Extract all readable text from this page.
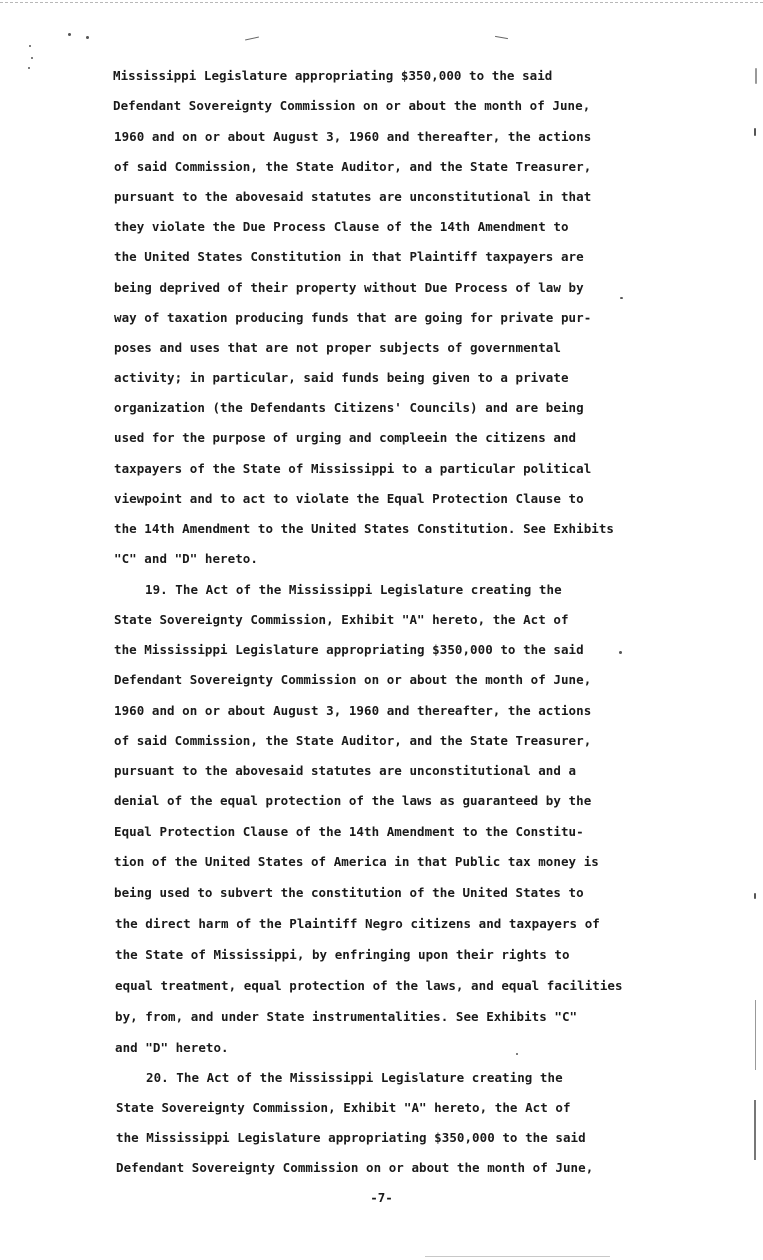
Mississippi Legislature appropriating $350,000 to the said
Defendant Sovereignty Commission on or about the month of June,
1960 and on or about August 3, 1960 and thereafter, the actions
of said Commission, the State Auditor, and the State Treasurer,
pursuant to the abovesaid statutes are unconstitutional in that
they violate the Due Process Clause of the 14th Amendment to
the United States Constitution in that Plaintiff taxpayers are
being deprived of their property without Due Process of law by
way of taxation producing funds that are going for private pur-
poses and uses that are not proper subjects of governmental
activity; in particular, said funds being given to a private
organization (the Defendants Citizens' Councils) and are being
used for the purpose of urging and compleein the citizens and
taxpayers of the State of Mississippi to a particular political
viewpoint and to act to violate the Equal Protection Clause to
the 14th Amendment to the United States Constitution. See Exhibits
"C" and "D" hereto.
19. The Act of the Mississippi Legislature creating the
State Sovereignty Commission, Exhibit "A" hereto, the Act of
the Mississippi Legislature appropriating $350,000 to the said
Defendant Sovereignty Commission on or about the month of June,
1960 and on or about August 3, 1960 and thereafter, the actions
of said Commission, the State Auditor, and the State Treasurer,
pursuant to the abovesaid statutes are unconstitutional and a
denial of the equal protection of the laws as guaranteed by the
Equal Protection Clause of the 14th Amendment to the Constitu-
tion of the United States of America in that Public tax money is
being used to subvert the constitution of the United States to
the direct harm of the Plaintiff Negro citizens and taxpayers of
the State of Mississippi, by enfringing upon their rights to
equal treatment, equal protection of the laws, and equal facilities
by, from, and under State instrumentalities. See Exhibits "C"
and "D" hereto.
20. The Act of the Mississippi Legislature creating the
State Sovereignty Commission, Exhibit "A" hereto, the Act of
the Mississippi Legislature appropriating $350,000 to the said
Defendant Sovereignty Commission on or about the month of June,
-7-
